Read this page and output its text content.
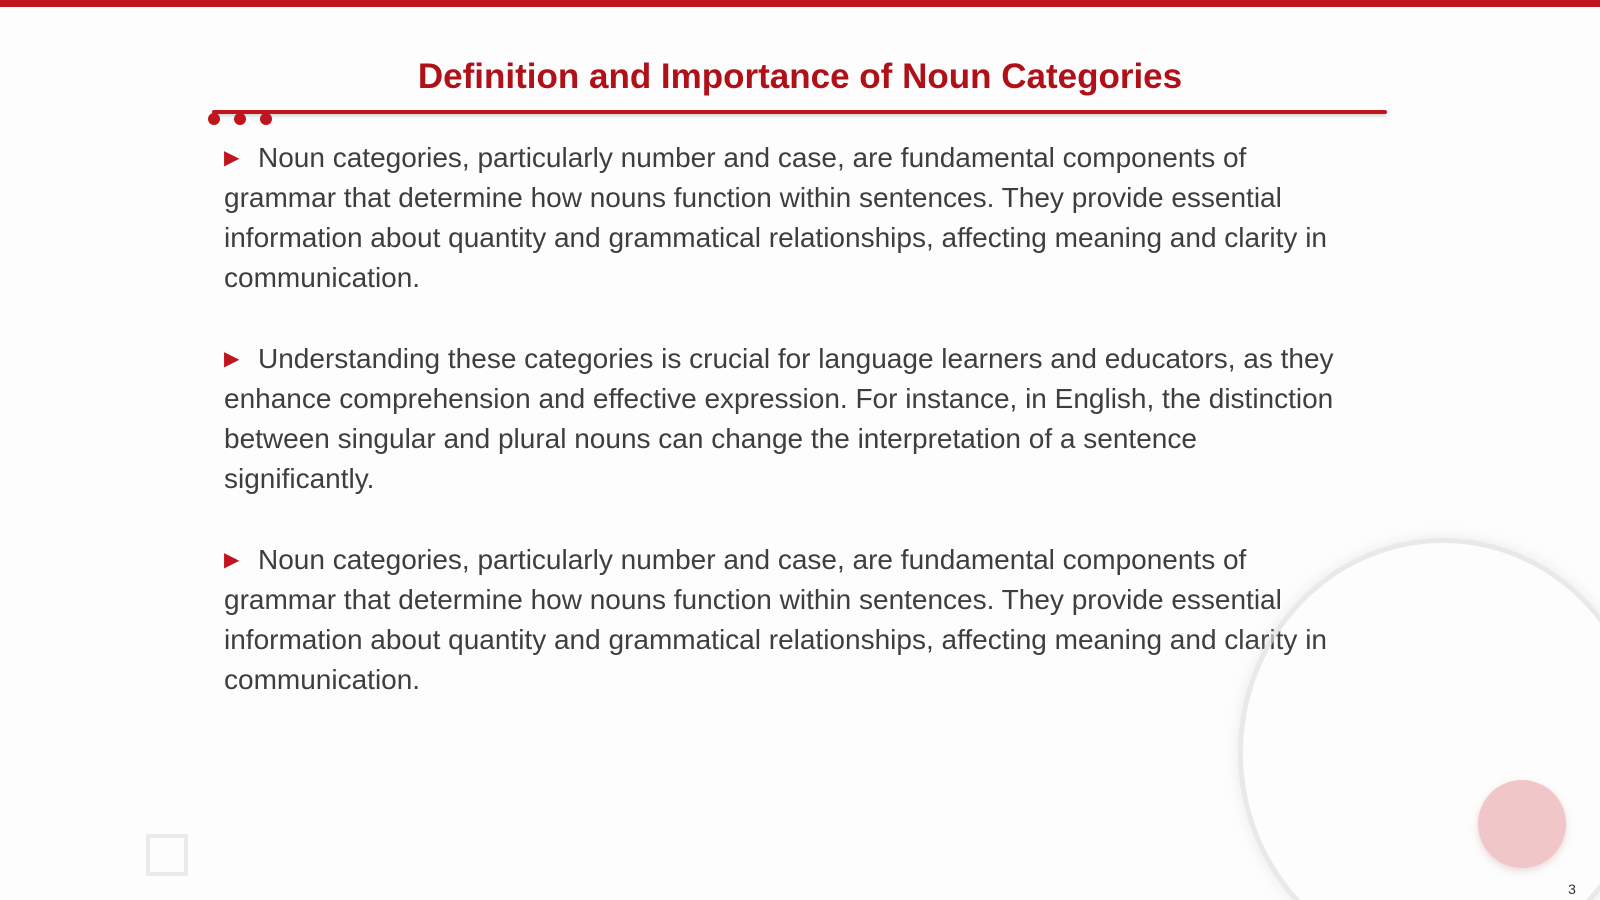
Definition and Importance of Noun Categories

▶ Noun categories, particularly number and case, are fundamental components of grammar that determine how nouns function within sentences. They provide essential information about quantity and grammatical relationships, affecting meaning and clarity in communication.

▶ Understanding these categories is crucial for language learners and educators, as they enhance comprehension and effective expression. For instance, in English, the distinction between singular and plural nouns can change the interpretation of a sentence significantly.

▶ Noun categories, particularly number and case, are fundamental components of grammar that determine how nouns function within sentences. They provide essential information about quantity and grammatical relationships, affecting meaning and clarity in communication.

3
